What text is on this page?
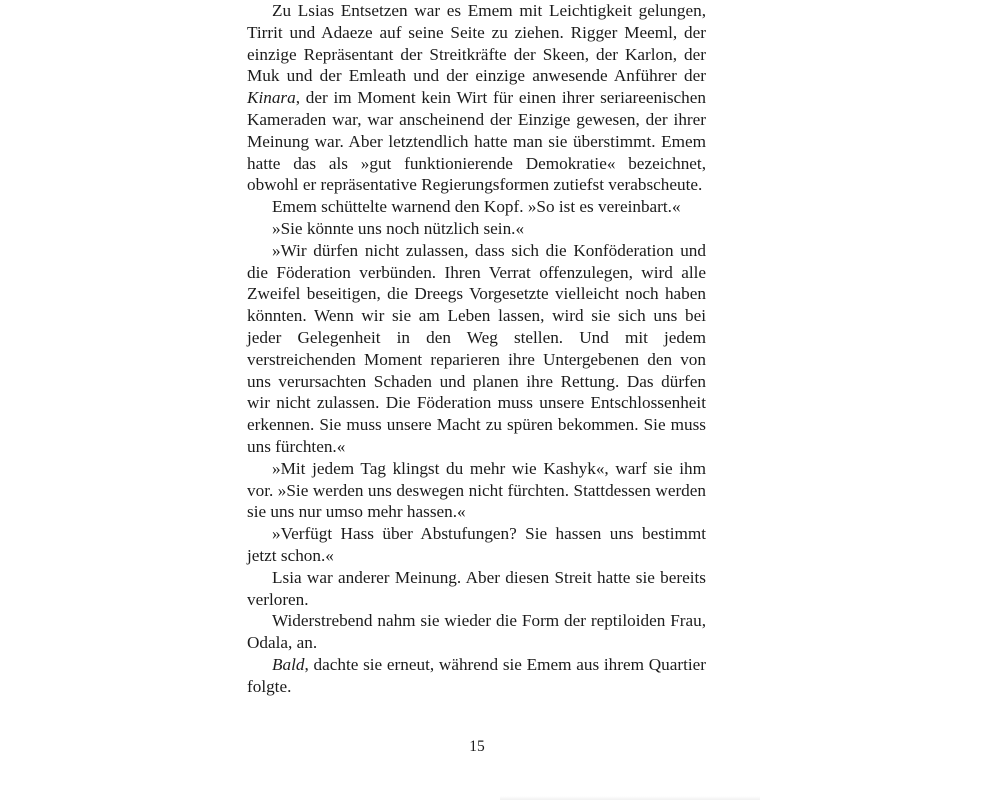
Zu Lsias Entsetzen war es Emem mit Leichtigkeit gelungen, Tirrit und Adaeze auf seine Seite zu ziehen. Rigger Meeml, der einzige Repräsentant der Streitkräfte der Skeen, der Karlon, der Muk und der Emleath und der einzige anwesende Anführer der Kinara, der im Moment kein Wirt für einen ihrer seriareenischen Kameraden war, war anscheinend der Einzige gewesen, der ihrer Meinung war. Aber letztendlich hatte man sie überstimmt. Emem hatte das als »gut funktionierende Demokratie« bezeichnet, obwohl er repräsentative Regierungsformen zutiefst verabscheute.

Emem schüttelte warnend den Kopf. »So ist es vereinbart.«

»Sie könnte uns noch nützlich sein.«

»Wir dürfen nicht zulassen, dass sich die Konföderation und die Föderation verbünden. Ihren Verrat offenzulegen, wird alle Zweifel beseitigen, die Dreegs Vorgesetzte vielleicht noch haben könnten. Wenn wir sie am Leben lassen, wird sie sich uns bei jeder Gelegenheit in den Weg stellen. Und mit jedem verstreichenden Moment reparieren ihre Untergebenen den von uns verursachten Schaden und planen ihre Rettung. Das dürfen wir nicht zulassen. Die Föderation muss unsere Entschlossenheit erkennen. Sie muss unsere Macht zu spüren bekommen. Sie muss uns fürchten.«

»Mit jedem Tag klingst du mehr wie Kashyk«, warf sie ihm vor. »Sie werden uns deswegen nicht fürchten. Stattdessen werden sie uns nur umso mehr hassen.«

»Verfügt Hass über Abstufungen? Sie hassen uns bestimmt jetzt schon.«

Lsia war anderer Meinung. Aber diesen Streit hatte sie bereits verloren.

Widerstrebend nahm sie wieder die Form der reptiloiden Frau, Odala, an.

Bald, dachte sie erneut, während sie Emem aus ihrem Quartier folgte.

15
